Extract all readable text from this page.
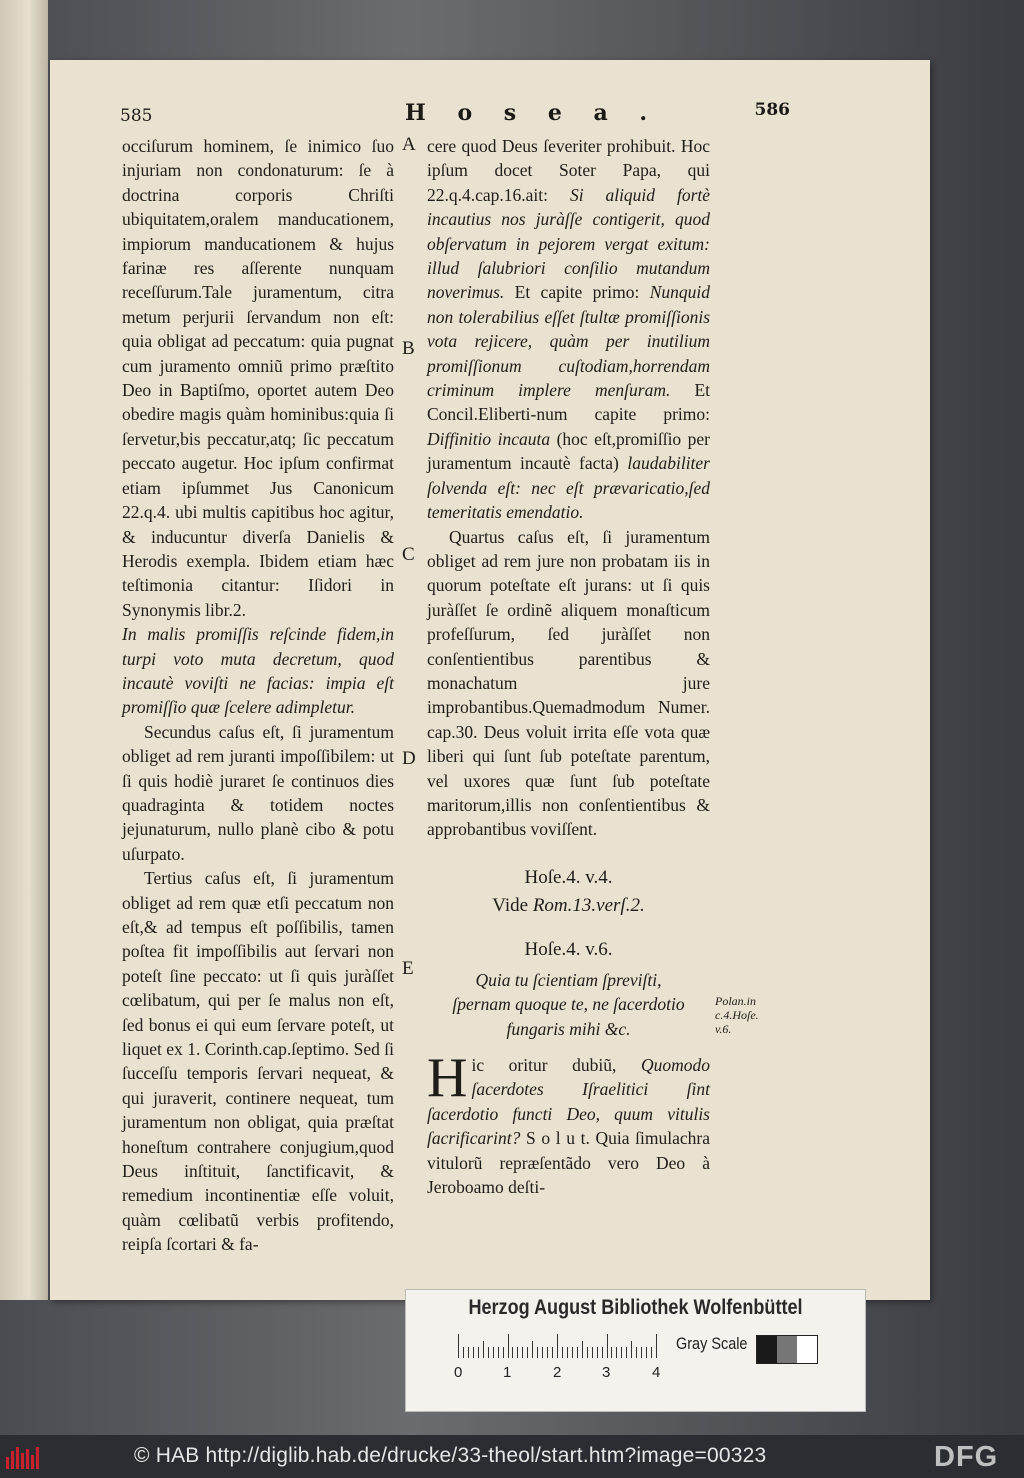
585	H o s e a .	586

occiſurum hominem, ſe inimico ſuo injuriam non condonaturum: ſe à doctrina corporis Chriſti ubiquitatem,oralem manducationem, impiorum manducationem & hujus farinæ res aſſerente nunquam receſſurum.Tale juramentum, citra metum perjurii ſervandum non eſt: quia obligat ad peccatum: quia pugnat cum juramento omniũ primo præſtito Deo in Baptiſmo, oportet autem Deo obedire magis quàm hominibus:quia ſi ſervetur,bis peccatur,atq; ſic peccatum peccato augetur. Hoc ipſum confirmat etiam ipſummet Jus Canonicum 22.q.4. ubi multis capitibus hoc agitur, & inducuntur diverſa Danielis & Herodis exempla. Ibidem etiam hæc teſtimonia citantur: Iſidori in Synonymis libr.2.

In malis promiſſis reſcinde fidem,in turpi voto muta decretum, quod incautè voviſti ne facias: impia eſt promiſſio quæ ſcelere adimpletur.

Secundus caſus eſt, ſi juramentum obliget ad rem juranti impoſſibilem: ut ſi quis hodiè juraret ſe continuos dies quadraginta & totidem noctes jejunaturum, nullo planè cibo & potu uſurpato.

Tertius caſus eſt, ſi juramentum obliget ad rem quæ etſi peccatum non eſt,& ad tempus eſt poſſibilis, tamen poſtea fit impoſſibilis aut ſervari non poteſt ſine peccato: ut ſi quis juràſſet cœlibatum, qui per ſe malus non eſt, ſed bonus ei qui eum ſervare poteſt, ut liquet ex 1. Corinth.cap.ſeptimo. Sed ſi ſucceſſu temporis ſervari nequeat, & qui juraverit, continere nequeat, tum juramentum non obligat, quia præſtat honeſtum contrahere conjugium,quod Deus inſtituit, ſanctificavit, & remedium incontinentiæ eſſe voluit, quàm cœlibatũ verbis profitendo, reipſa ſcortari & fa-

A
B
C
D
E

cere quod Deus ſeveriter prohibuit. Hoc ipſum docet Soter Papa, qui 22.q.4.cap.16.ait: Si aliquid fortè incautius nos juràſſe contigerit, quod obſervatum in pejorem vergat exitum: illud ſalubriori conſilio mutandum noverimus. Et capite primo: Nunquid non tolerabilius eſſet ſtultæ promiſſionis vota rejicere, quàm per inutilium promiſſionum cuſtodiam,horrendam criminum implere menſuram. Et Concil.Eliberti-num capite primo: Diffinitio incauta (hoc eſt,promiſſio per juramentum incautè facta) laudabiliter ſolvenda eſt: nec eſt prævaricatio,ſed temeritatis emendatio.

Quartus caſus eſt, ſi juramentum obliget ad rem jure non probatam iis in quorum poteſtate eſt jurans: ut ſi quis juràſſet ſe ordinẽ aliquem monaſticum profeſſurum, ſed juràſſet non conſentientibus parentibus & monachatum jure improbantibus.Quemadmodum Numer. cap.30. Deus voluit irrita eſſe vota quæ liberi qui ſunt ſub poteſtate parentum, vel uxores quæ ſunt ſub poteſtate maritorum,illis non conſentientibus & approbantibus voviſſent.

Hoſe.4. v.4.
Vide Rom.13.verſ.2.
Hoſe.4. v.6.

Quia tu ſcientiam ſpreviſti, ſpernam quoque te, ne ſacerdotio fungaris mihi &c.

Hic oritur dubiũ, Quomodo ſacerdotes Iſraelitici ſint ſacerdotio functi Deo, quum vitulis ſacrificarint? S o l u t. Quia ſimulachra vitulorũ repræſentãdo vero Deo à Jeroboamo deſti-

Polan.in c.4.Hoſe. v.6.
Herzog August Bibliothek Wolfenbüttel
0	1	2	3	4
Gray Scale
© HAB http://diglib.hab.de/drucke/33-theol/start.htm?image=00323	DFG
